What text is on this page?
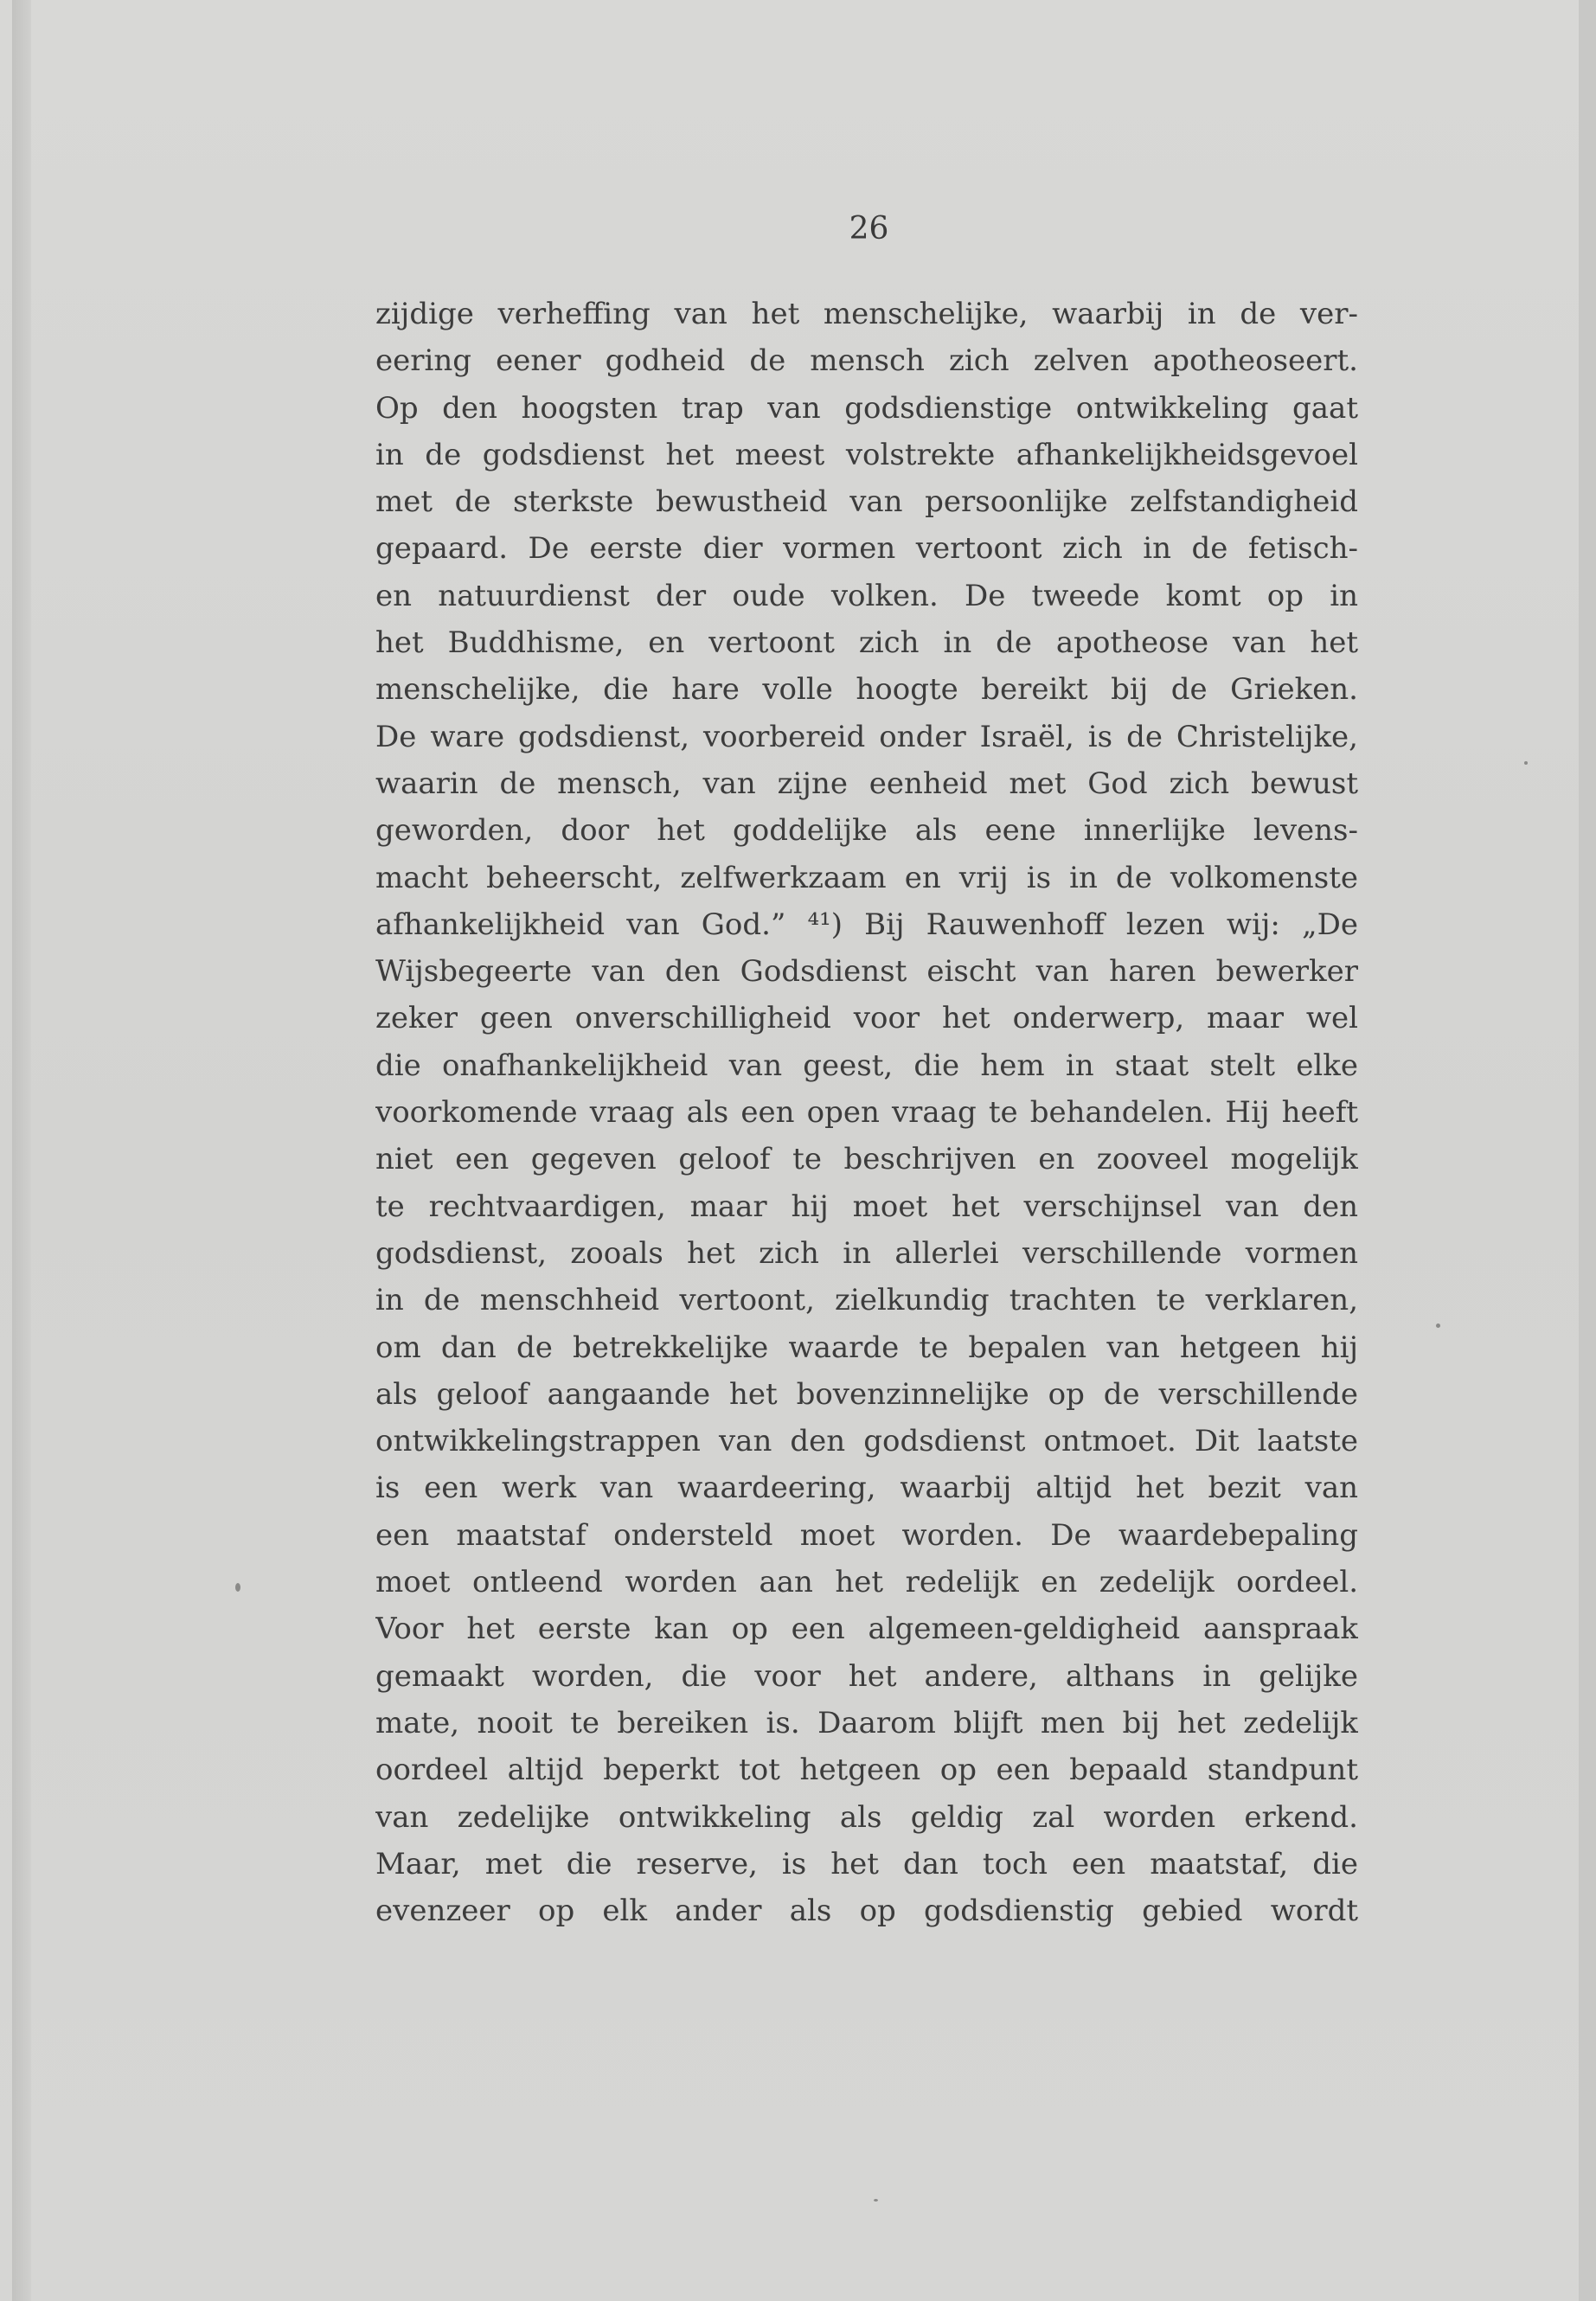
26
zijdige verheffing van het menschelijke, waarbij in de ver-
eering eener godheid de mensch zich zelven apotheoseert.
Op den hoogsten trap van godsdienstige ontwikkeling gaat
in de godsdienst het meest volstrekte afhankelijkheidsgevoel
met de sterkste bewustheid van persoonlijke zelfstandigheid
gepaard. De eerste dier vormen vertoont zich in de fetisch-
en natuurdienst der oude volken. De tweede komt op in
het Buddhisme, en vertoont zich in de apotheose van het
menschelijke, die hare volle hoogte bereikt bij de Grieken.
De ware godsdienst, voorbereid onder Israël, is de Christelijke,
waarin de mensch, van zijne eenheid met God zich bewust
geworden, door het goddelijke als eene innerlijke levens-
macht beheerscht, zelfwerkzaam en vrij is in de volkomenste
afhankelijkheid van God.” ⁴¹) Bij Rauwenhoff lezen wij: „De
Wijsbegeerte van den Godsdienst eischt van haren bewerker
zeker geen onverschilligheid voor het onderwerp, maar wel
die onafhankelijkheid van geest, die hem in staat stelt elke
voorkomende vraag als een open vraag te behandelen. Hij heeft
niet een gegeven geloof te beschrijven en zooveel mogelijk
te rechtvaardigen, maar hij moet het verschijnsel van den
godsdienst, zooals het zich in allerlei verschillende vormen
in de menschheid vertoont, zielkundig trachten te verklaren,
om dan de betrekkelijke waarde te bepalen van hetgeen hij
als geloof aangaande het bovenzinnelijke op de verschillende
ontwikkelingstrappen van den godsdienst ontmoet. Dit laatste
is een werk van waardeering, waarbij altijd het bezit van
een maatstaf ondersteld moet worden. De waardebepaling
moet ontleend worden aan het redelijk en zedelijk oordeel.
Voor het eerste kan op een algemeen-geldigheid aanspraak
gemaakt worden, die voor het andere, althans in gelijke
mate, nooit te bereiken is. Daarom blijft men bij het zedelijk
oordeel altijd beperkt tot hetgeen op een bepaald standpunt
van zedelijke ontwikkeling als geldig zal worden erkend.
Maar, met die reserve, is het dan toch een maatstaf, die
evenzeer op elk ander als op godsdienstig gebied wordt
